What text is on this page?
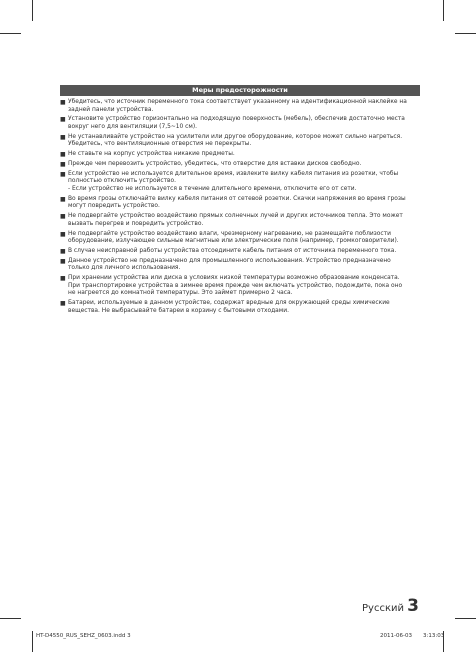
Меры предосторожности
■ Убедитесь, что источник переменного тока соответствует указанному на идентификационной наклейке на
задней панели устройства.
■ Установите устройство горизонтально на подходящую поверхность (мебель), обеспечив достаточно места
вокруг него для вентиляции (7,5~10 см).
■ Не устанавливайте устройство на усилители или другое оборудование, которое может сильно нагреться.
Убедитесь, что вентиляционные отверстия не перекрыты.
■ Не ставьте на корпус устройства никакие предметы.
■ Прежде чем перевозить устройство, убедитесь, что отверстие для вставки дисков свободно.
■ Если устройство не используется длительное время, извлеките вилку кабеля питания из розетки, чтобы
полностью отключить устройство.
- Если устройство не используется в течение длительного времени, отключите его от сети.
■ Во время грозы отключайте вилку кабеля питания от сетевой розетки. Скачки напряжения во время грозы
могут повредить устройство.
■ Не подвергайте устройство воздействию прямых солнечных лучей и других источников тепла. Это может
вызвать перегрев и повредить устройство.
■ Не подвергайте устройство воздействию влаги, чрезмерному нагреванию, не размещайте поблизости
оборудование, излучающее сильные магнитные или электрические поля (например, громкоговорители).
■ В случае неисправной работы устройства отсоедините кабель питания от источника переменного тока.
■ Данное устройство не предназначено для промышленного использования. Устройство предназначено
только для личного использования.
■ При хранении устройства или диска в условиях низкой температуры возможно образование конденсата.
При транспортировке устройства в зимнее время прежде чем включать устройство, подождите, пока оно
не нагреется до комнатной температуры. Это займет примерно 2 часа.
■ Батареи, используемые в данном устройстве, содержат вредные для окружающей среды химические
вещества. Не выбрасывайте батареи в корзину с бытовыми отходами.
Русский 3
HT-D4550_RUS_SEHZ_0603.indd 3	2011-06-03 3:13:03
